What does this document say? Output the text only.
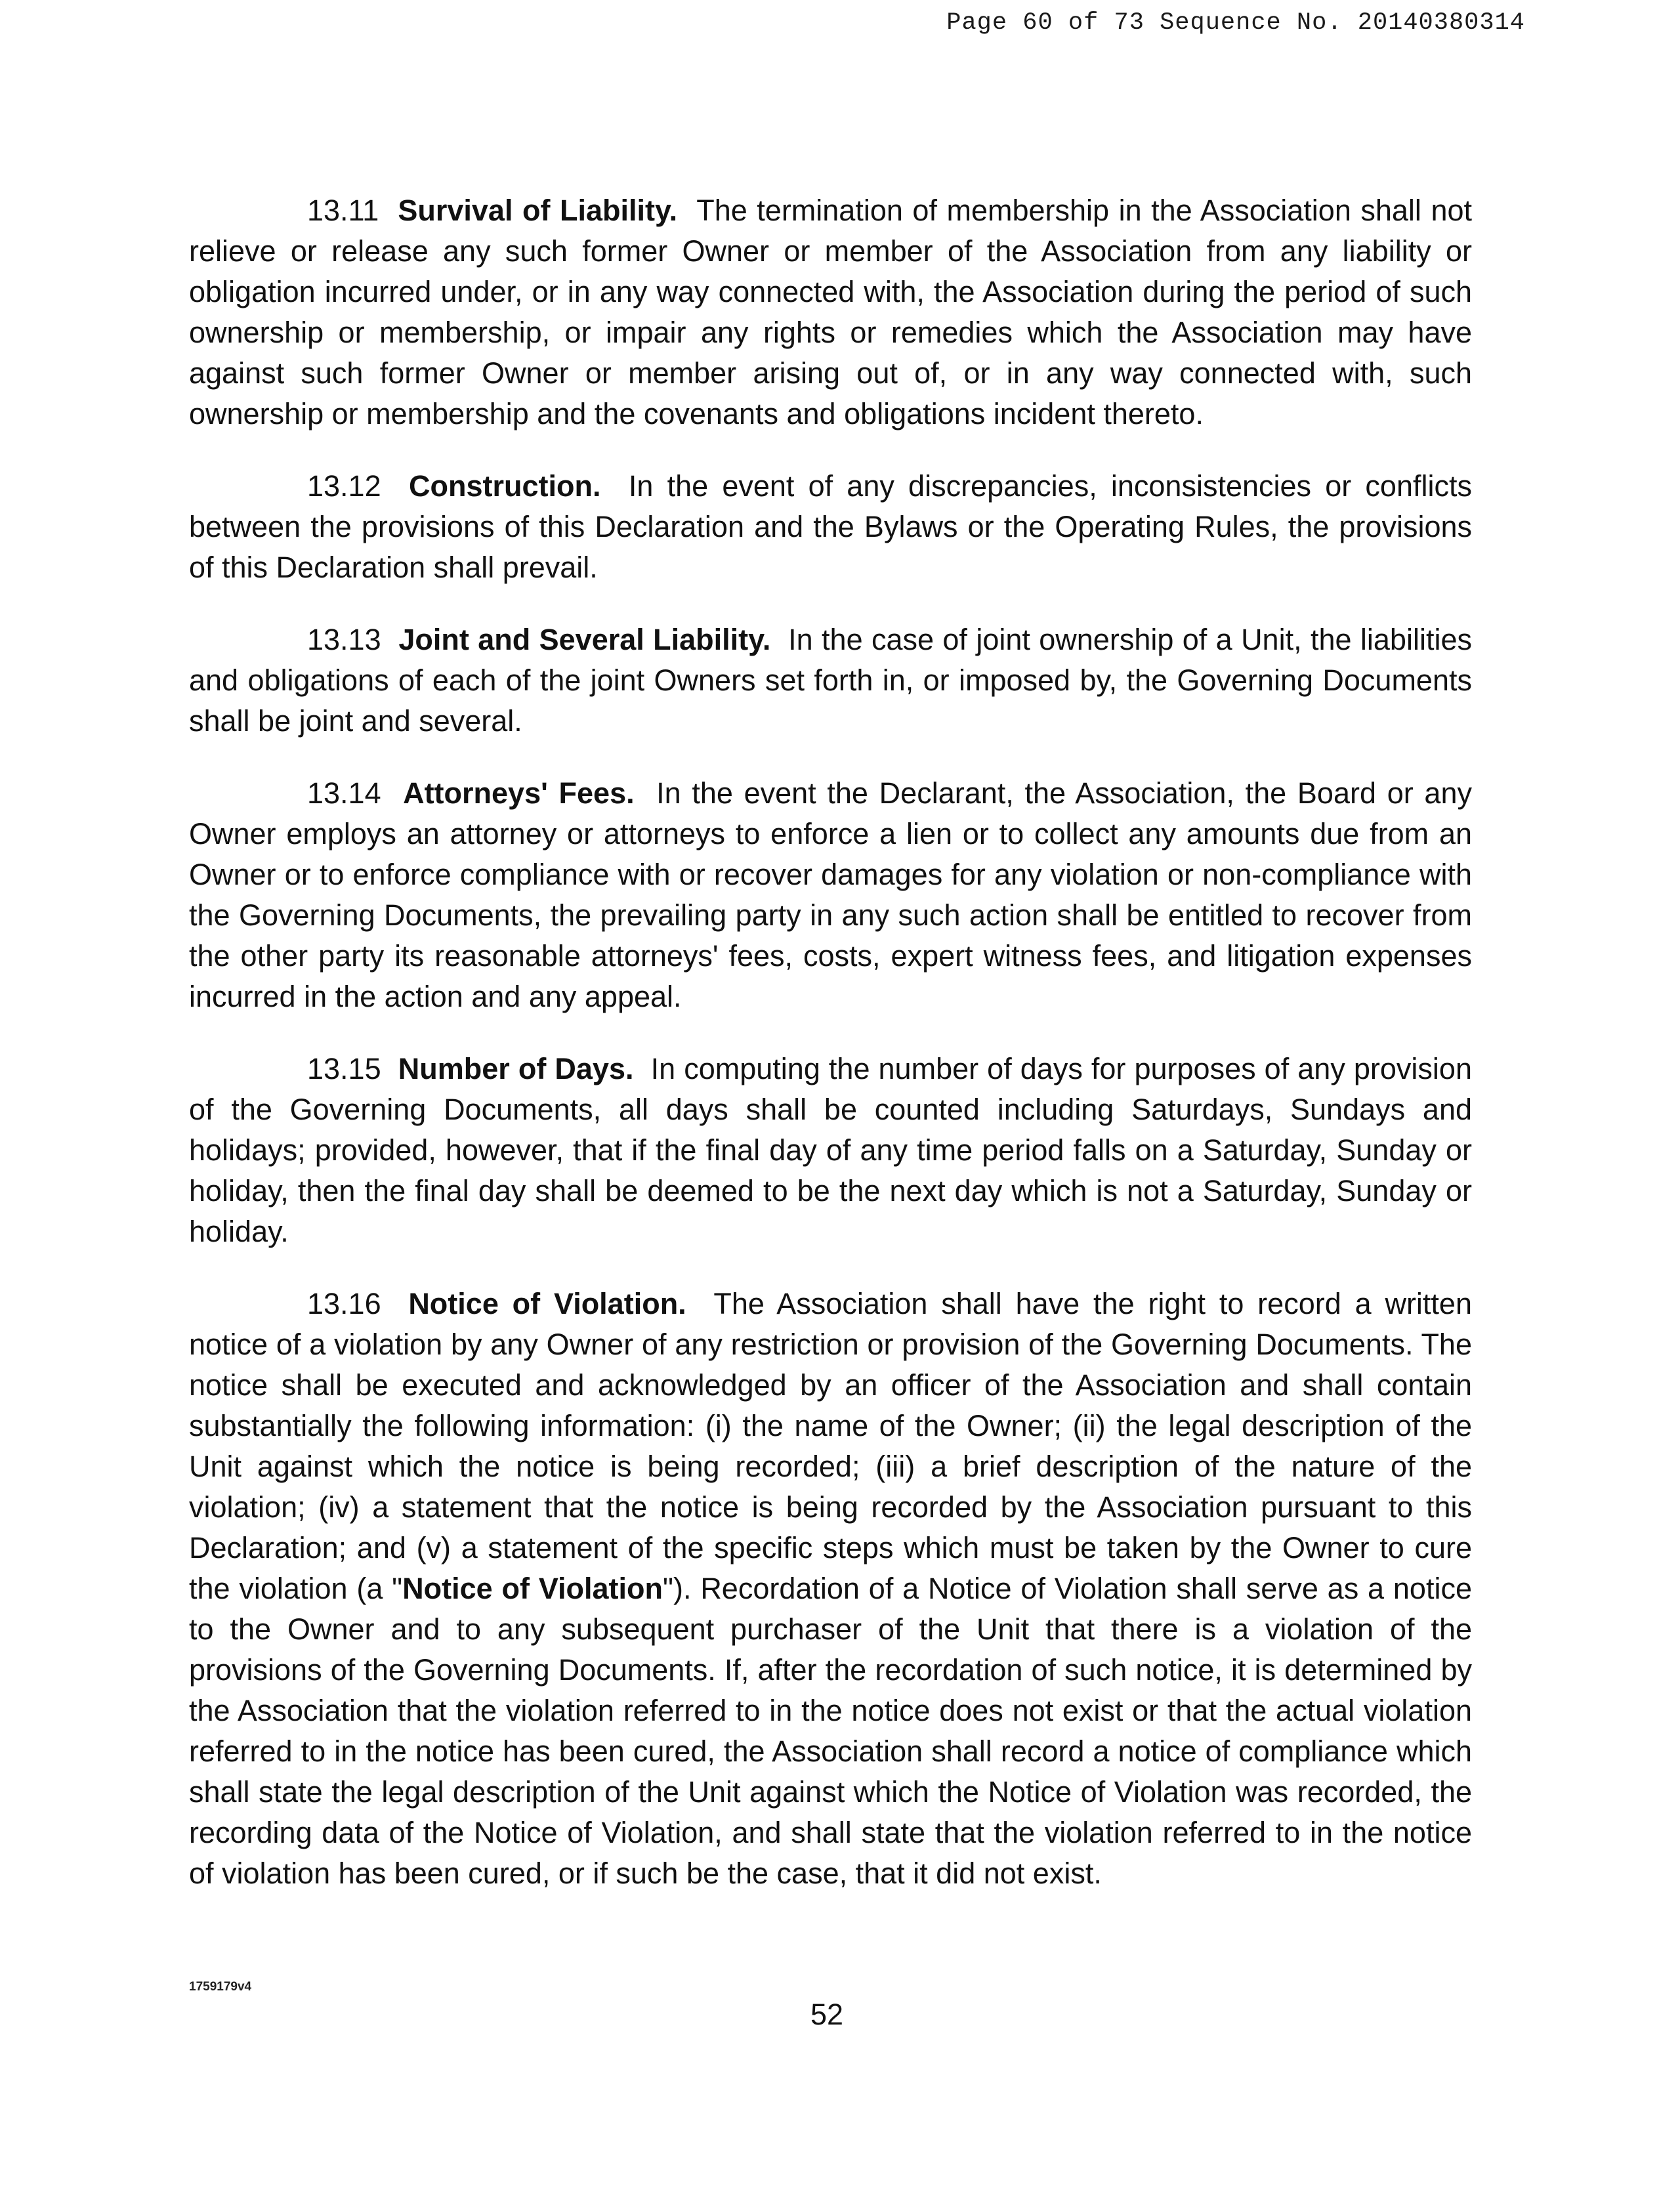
Page 60 of 73 Sequence No. 20140380314

13.11 Survival of Liability. The termination of membership in the Association shall not relieve or release any such former Owner or member of the Association from any liability or obligation incurred under, or in any way connected with, the Association during the period of such ownership or membership, or impair any rights or remedies which the Association may have against such former Owner or member arising out of, or in any way connected with, such ownership or membership and the covenants and obligations incident thereto.

13.12 Construction. In the event of any discrepancies, inconsistencies or conflicts between the provisions of this Declaration and the Bylaws or the Operating Rules, the provisions of this Declaration shall prevail.

13.13 Joint and Several Liability. In the case of joint ownership of a Unit, the liabilities and obligations of each of the joint Owners set forth in, or imposed by, the Governing Documents shall be joint and several.

13.14 Attorneys' Fees. In the event the Declarant, the Association, the Board or any Owner employs an attorney or attorneys to enforce a lien or to collect any amounts due from an Owner or to enforce compliance with or recover damages for any violation or non-compliance with the Governing Documents, the prevailing party in any such action shall be entitled to recover from the other party its reasonable attorneys' fees, costs, expert witness fees, and litigation expenses incurred in the action and any appeal.

13.15 Number of Days. In computing the number of days for purposes of any provision of the Governing Documents, all days shall be counted including Saturdays, Sundays and holidays; provided, however, that if the final day of any time period falls on a Saturday, Sunday or holiday, then the final day shall be deemed to be the next day which is not a Saturday, Sunday or holiday.

13.16 Notice of Violation. The Association shall have the right to record a written notice of a violation by any Owner of any restriction or provision of the Governing Documents. The notice shall be executed and acknowledged by an officer of the Association and shall contain substantially the following information: (i) the name of the Owner; (ii) the legal description of the Unit against which the notice is being recorded; (iii) a brief description of the nature of the violation; (iv) a statement that the notice is being recorded by the Association pursuant to this Declaration; and (v) a statement of the specific steps which must be taken by the Owner to cure the violation (a "Notice of Violation"). Recordation of a Notice of Violation shall serve as a notice to the Owner and to any subsequent purchaser of the Unit that there is a violation of the provisions of the Governing Documents. If, after the recordation of such notice, it is determined by the Association that the violation referred to in the notice does not exist or that the actual violation referred to in the notice has been cured, the Association shall record a notice of compliance which shall state the legal description of the Unit against which the Notice of Violation was recorded, the recording data of the Notice of Violation, and shall state that the violation referred to in the notice of violation has been cured, or if such be the case, that it did not exist.

1759179v4
52
